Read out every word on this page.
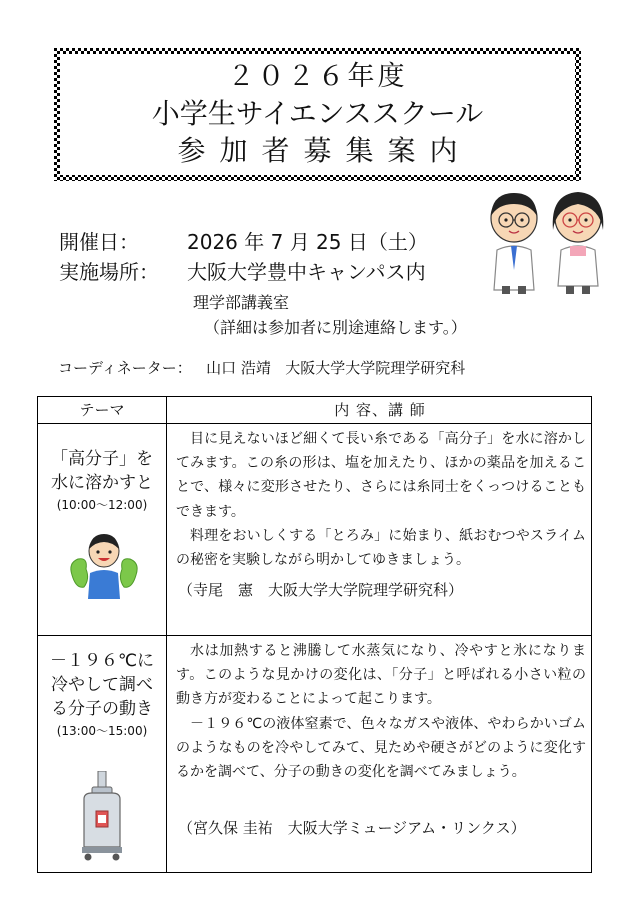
２０２６年度
小学生サイエンススクール
参加者募集案内
開催日： 2026 年 7 月 25 日（土）
実施場所： 大阪大学豊中キャンパス内
理学部講義室
（詳細は参加者に別途連絡します。）
コーディネーター： 山口 浩靖 大阪大学大学院理学研究科
テーマ	内 容、講 師
「高分子」を
水に溶かすと
(10:00～12:00)

目に見えないほど細くて長い糸である「高分子」を水に溶かしてみます。この糸の形は、塩を加えたり、ほかの薬品を加えることで、様々に変形させたり、さらには糸同士をくっつけることもできます。

料理をおいしくする「とろみ」に始まり、紙おむつやスライムの秘密を実験しながら明かしてゆきましょう。

（寺尾　憲　大阪大学大学院理学研究科）
－１９６℃に
冷やして調べ
る分子の動き
(13:00～15:00)

水は加熱すると沸騰して水蒸気になり、冷やすと氷になります。このような見かけの変化は、「分子」と呼ばれる小さい粒の動き方が変わることによって起こります。

－１９６℃の液体窒素で、色々なガスや液体、やわらかいゴムのようなものを冷やしてみて、見ためや硬さがどのように変化するかを調べて、分子の動きの変化を調べてみましょう。

（宮久保 圭祐　大阪大学ミュージアム・リンクス）
